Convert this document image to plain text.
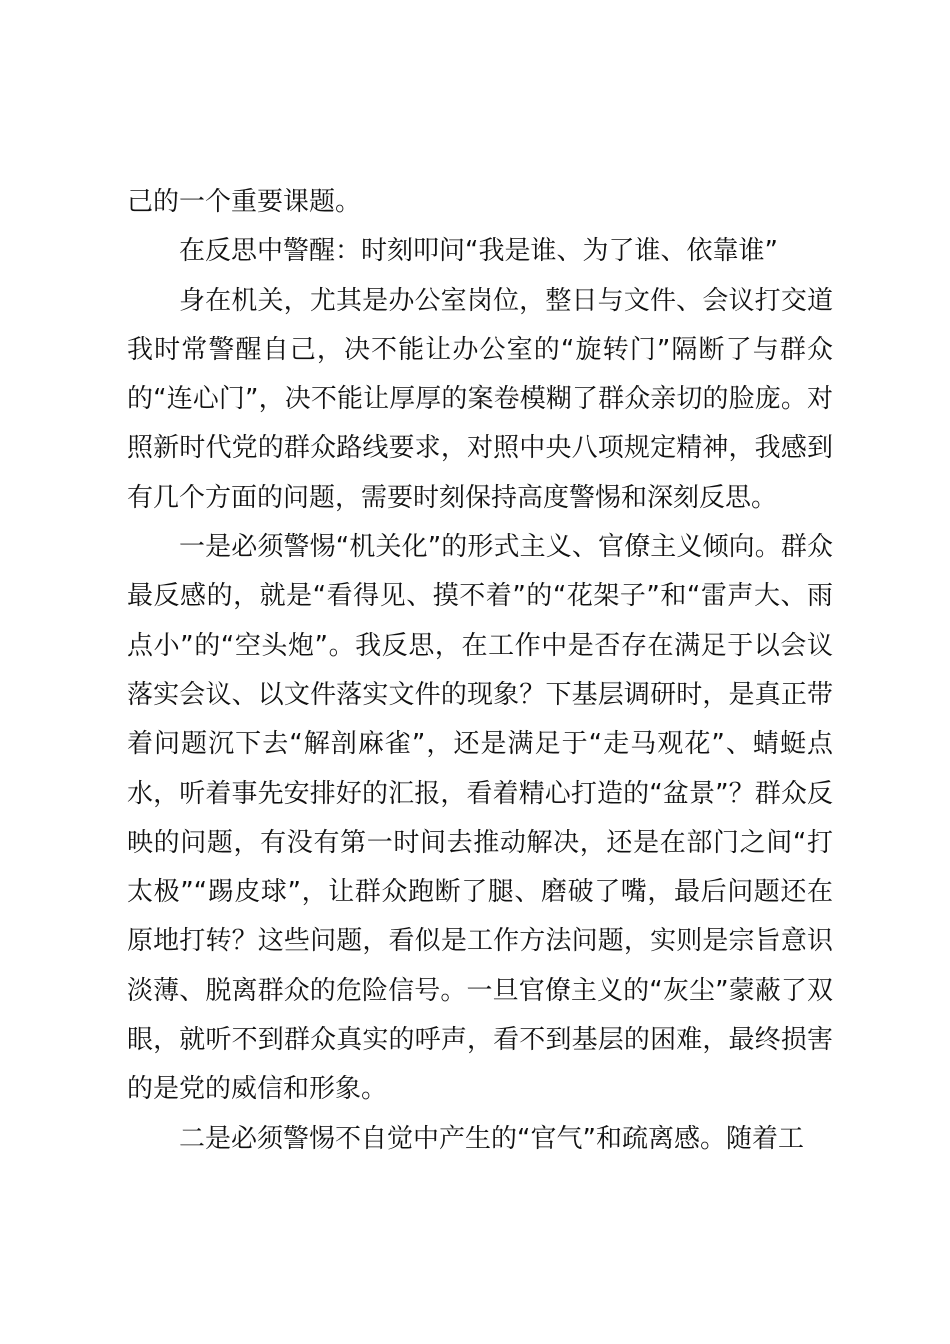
己的一个重要课题。

在反思中警醒：时刻叩问“我是谁、为了谁、依靠谁”

身在机关，尤其是办公室岗位，整日与文件、会议打交道我时常警醒自己，决不能让办公室的“旋转门”隔断了与群众的“连心门”，决不能让厚厚的案卷模糊了群众亲切的脸庞。对照新时代党的群众路线要求，对照中央八项规定精神，我感到有几个方面的问题，需要时刻保持高度警惕和深刻反思。

一是必须警惕“机关化”的形式主义、官僚主义倾向。群众最反感的，就是“看得见、摸不着”的“花架子”和“雷声大、雨点小”的“空头炮”。我反思，在工作中是否存在满足于以会议落实会议、以文件落实文件的现象？下基层调研时，是真正带着问题沉下去“解剖麻雀”，还是满足于“走马观花”、蜻蜓点水，听着事先安排好的汇报，看着精心打造的“盆景”？群众反映的问题，有没有第一时间去推动解决，还是在部门之间“打太极”“踢皮球”，让群众跑断了腿、磨破了嘴，最后问题还在原地打转？这些问题，看似是工作方法问题，实则是宗旨意识淡薄、脱离群众的危险信号。一旦官僚主义的“灰尘”蒙蔽了双眼，就听不到群众真实的呼声，看不到基层的困难，最终损害的是党的威信和形象。

二是必须警惕不自觉中产生的“官气”和疏离感。随着工
